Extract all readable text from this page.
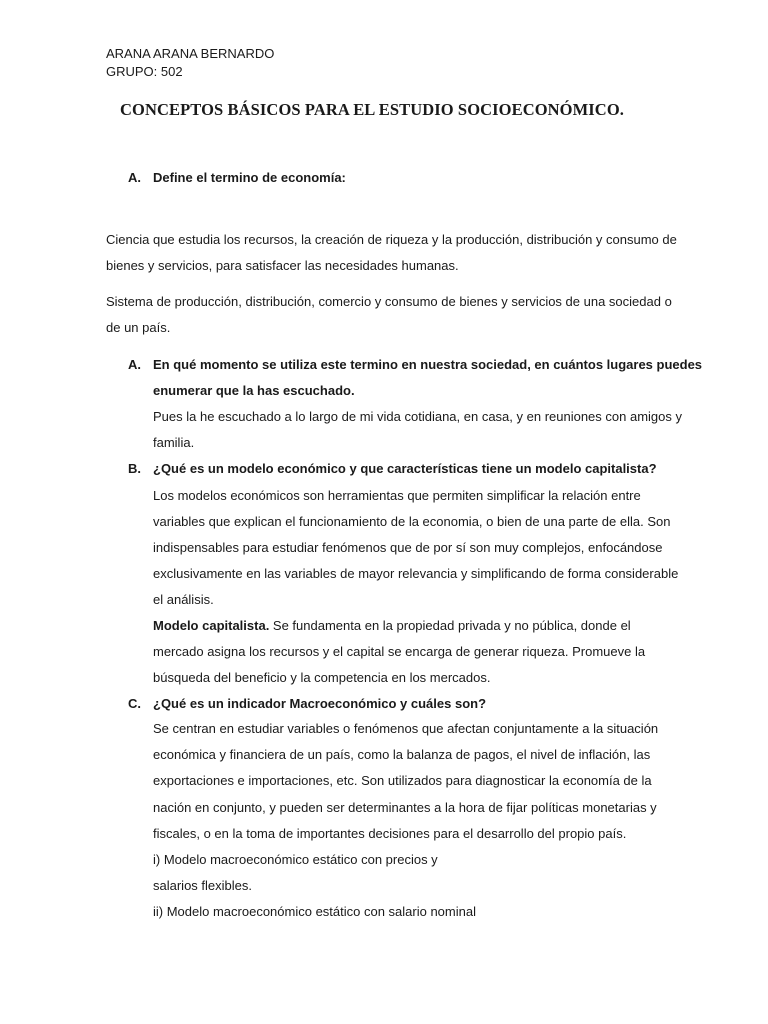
ARANA ARANA BERNARDO
GRUPO: 502
CONCEPTOS BÁSICOS PARA EL ESTUDIO SOCIOECONÓMICO.
A. Define el termino de economía:
Ciencia que estudia los recursos, la creación de riqueza y la producción, distribución y consumo de
bienes y servicios, para satisfacer las necesidades humanas.
Sistema de producción, distribución, comercio y consumo de bienes y servicios de una sociedad o
de un país.
A. En qué momento se utiliza este termino en nuestra sociedad, en cuántos lugares puedes
enumerar que la has escuchado.
Pues la he escuchado a lo largo de mi vida cotidiana, en casa, y en reuniones con amigos y
familia.
B. ¿Qué es un modelo económico y que características tiene un modelo capitalista?
Los modelos económicos son herramientas que permiten simplificar la relación entre
variables que explican el funcionamiento de la economia, o bien de una parte de ella. Son
indispensables para estudiar fenómenos que de por sí son muy complejos, enfocándose
exclusivamente en las variables de mayor relevancia y simplificando de forma considerable
el análisis.
Modelo capitalista. Se fundamenta en la propiedad privada y no pública, donde el
mercado asigna los recursos y el capital se encarga de generar riqueza. Promueve la
búsqueda del beneficio y la competencia en los mercados.
C. ¿Qué es un indicador Macroeconómico y cuáles son?
Se centran en estudiar variables o fenómenos que afectan conjuntamente a la situación
económica y financiera de un país, como la balanza de pagos, el nivel de inflación, las
exportaciones e importaciones, etc. Son utilizados para diagnosticar la economía de la
nación en conjunto, y pueden ser determinantes a la hora de fijar políticas monetarias y
fiscales, o en la toma de importantes decisiones para el desarrollo del propio país.
i) Modelo macroeconómico estático con precios y
salarios flexibles.
ii) Modelo macroeconómico estático con salario nominal
